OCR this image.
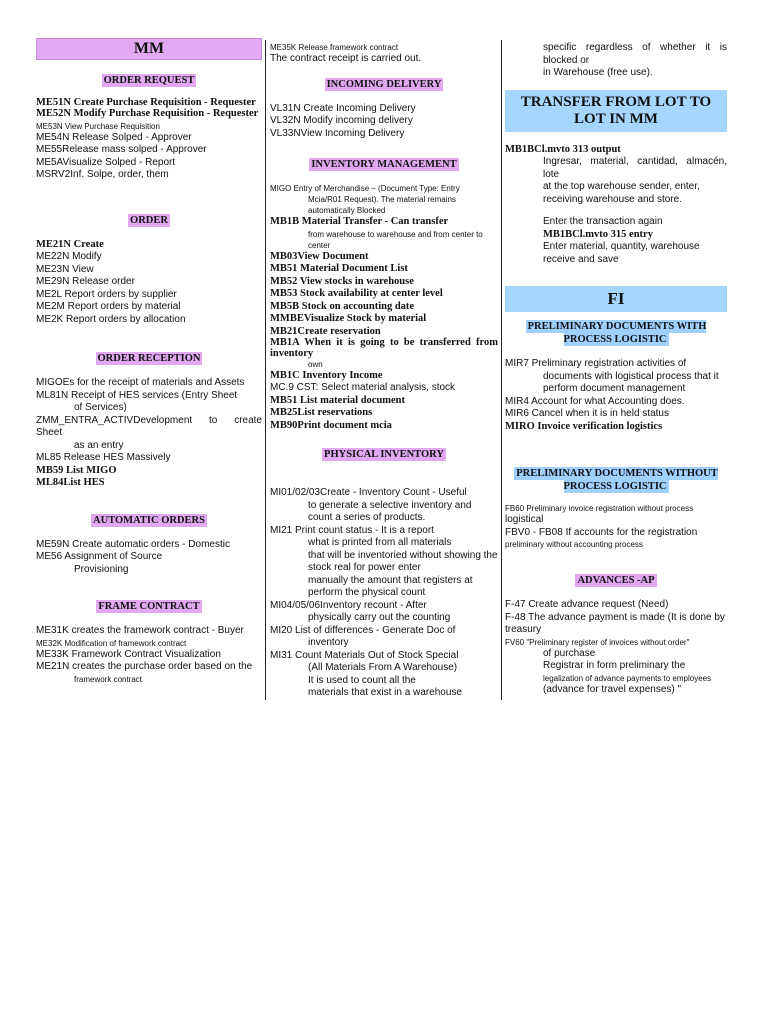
MM
ORDER REQUEST
ME51N Create Purchase Requisition - Requester
ME52N Modify Purchase Requisition - Requester
ME53N View Purchase Requisition
ME54N Release Solped - Approver
ME55Release mass solped - Approver
ME5AVisualize Solped - Report
MSRV2Inf. Solpe, order, them
ORDER
ME21N Create
ME22N Modify
ME23N View
ME29N Release order
ME2L Report orders by supplier
ME2M Report orders by material
ME2K Report orders by allocation
ORDER RECEPTION
MIGOEs for the receipt of materials and Assets
ML81N Receipt of HES services (Entry Sheet
of Services)
ZMM_ENTRA_ACTIVDevelopment to create Sheet
as an entry
ML85 Release HES Massively
MB59 List MIGO
ML84List HES
AUTOMATIC ORDERS
ME59N Create automatic orders - Domestic
ME56 Assignment of Source
Provisioning
FRAME CONTRACT
ME31K creates the framework contract - Buyer
ME32K Modification of framework contract
ME33K Framework Contract Visualization
ME21N creates the purchase order based on the
framework contract
ME35K Release framework contract
The contract receipt is carried out.
INCOMING DELIVERY
VL31N Create Incoming Delivery
VL32N Modify incoming delivery
VL33NView Incoming Delivery
INVENTORY MANAGEMENT
MIGO Entry of Merchandise – (Document Type: Entry
Mcia/R01 Request). The material remains
automatically Blocked
MB1B Material Transfer - Can transfer
from warehouse to warehouse and from center to
center
MB03View Document
MB51 Material Document List
MB52 View stocks in warehouse
MB53 Stock availability at center level
MB5B Stock on accounting date
MMBEVisualize Stock by material
MB21Create reservation
MB1A When it is going to be transferred from inventory
own
MB1C Inventory Income
MC.9 CST: Select material analysis, stock
MB51 List material document
MB25List reservations
MB90Print document mcia
PHYSICAL INVENTORY
MI01/02/03Create - Inventory Count - Useful
to generate a selective inventory and
count a series of products.
MI21 Print count status - It is a report
what is printed from all materials
that will be inventoried without showing the
stock real for power enter
manually the amount that registers at
perform the physical count
MI04/05/06Inventory recount - After
physically carry out the counting
MI20 List of differences - Generate Doc of
inventory
MI31 Count Materials Out of Stock Special
(All Materials From A Warehouse)
It is used to count all the
materials that exist in a warehouse
specific regardless of whether it is blocked or
in Warehouse (free use).
TRANSFER FROM LOT TO LOT IN MM
MB1BCl.mvto 313 output
Ingresar, material, cantidad, almacén, lote
at the top warehouse sender, enter,
receiving warehouse and store.
Enter the transaction again
MB1BCl.mvto 315 entry
Enter material, quantity, warehouse
receive and save
FI
PRELIMINARY DOCUMENTS WITH PROCESS LOGISTIC
MIR7 Preliminary registration activities of
documents with logistical process that it
perform document management
MIR4 Account for what Accounting does.
MIR6 Cancel when it is in held status
MIRO Invoice verification logistics
PRELIMINARY DOCUMENTS WITHOUT PROCESS LOGISTIC
FB60 Preliminary invoice registration without process
logistical
FBV0 - FB08 If accounts for the registration
preliminary without accounting process
ADVANCES -AP
F-47 Create advance request (Need)
F-48 The advance payment is made (It is done by
treasury
FV60 "Preliminary register of invoices without order"
of purchase
Registrar in form preliminary the
legalization of advance payments to employees
(advance for travel expenses) "
